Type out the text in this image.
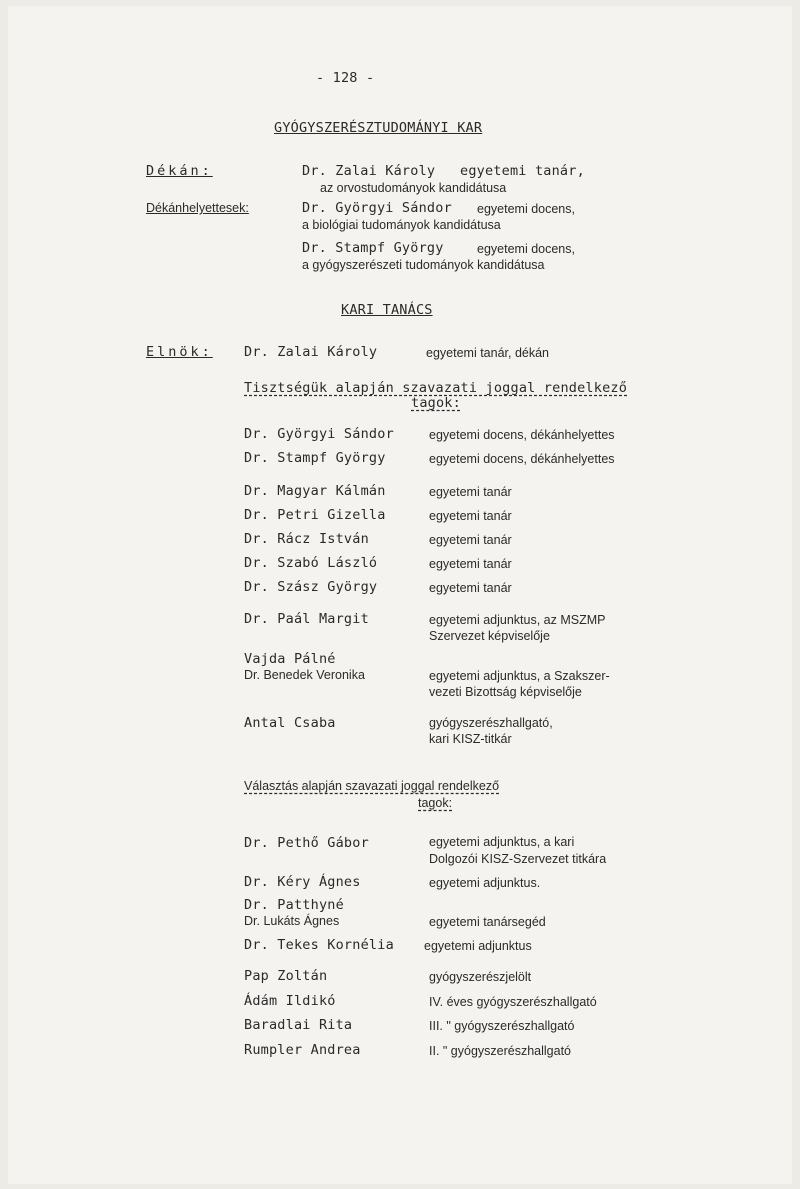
- 128 -
GYÓGYSZERÉSZTUDOMÁNYI KAR
Dékán:	Dr. Zalai Károly egyetemi tanár,
az orvostudományok kandidátusa
Dékánhelyettesek:	Dr. Györgyi Sándor egyetemi docens,
a biológiai tudományok kandidátusa
Dr. Stampf György	egyetemi docens,
a gyógyszerészeti tudományok kandidátusa
KARI TANÁCS
Elnök: Dr. Zalai Károly	egyetemi tanár, dékán
Tisztségük alapján szavazati joggal rendelkező
tagok:
Dr. Györgyi Sándor	egyetemi docens, dékánhelyettes
Dr. Stampf György	egyetemi docens, dékánhelyettes
Dr. Magyar Kálmán	egyetemi tanár
Dr. Petri Gizella	egyetemi tanár
Dr. Rácz István	egyetemi tanár
Dr. Szabó László	egyetemi tanár
Dr. Szász György	egyetemi tanár
Dr. Paál Margit	egyetemi adjunktus, az MSZMP
Szervezet képviselője
Vajda Pálné
Dr. Benedek Veronika	egyetemi adjunktus, a Szakszer-
vezeti Bizottság képviselője
Antal Csaba	gyógyszerészhallgató,
kari KISZ-titkár
Választás alapján szavazati joggal rendelkező
tagok:
Dr. Pethő Gábor	egyetemi adjunktus, a kari
Dolgozói KISZ-Szervezet titkára
Dr. Kéry Ágnes	egyetemi adjunktus.
Dr. Patthyné
Dr. Lukáts Ágnes	egyetemi tanársegéd
Dr. Tekes Kornélia egyetemi adjunktus
Pap Zoltán	gyógyszerészjelölt
Ádám Ildikó	IV. éves gyógyszerészhallgató
Baradlai Rita	III. " gyógyszerészhallgató
Rumpler Andrea	II. " gyógyszerészhallgató
